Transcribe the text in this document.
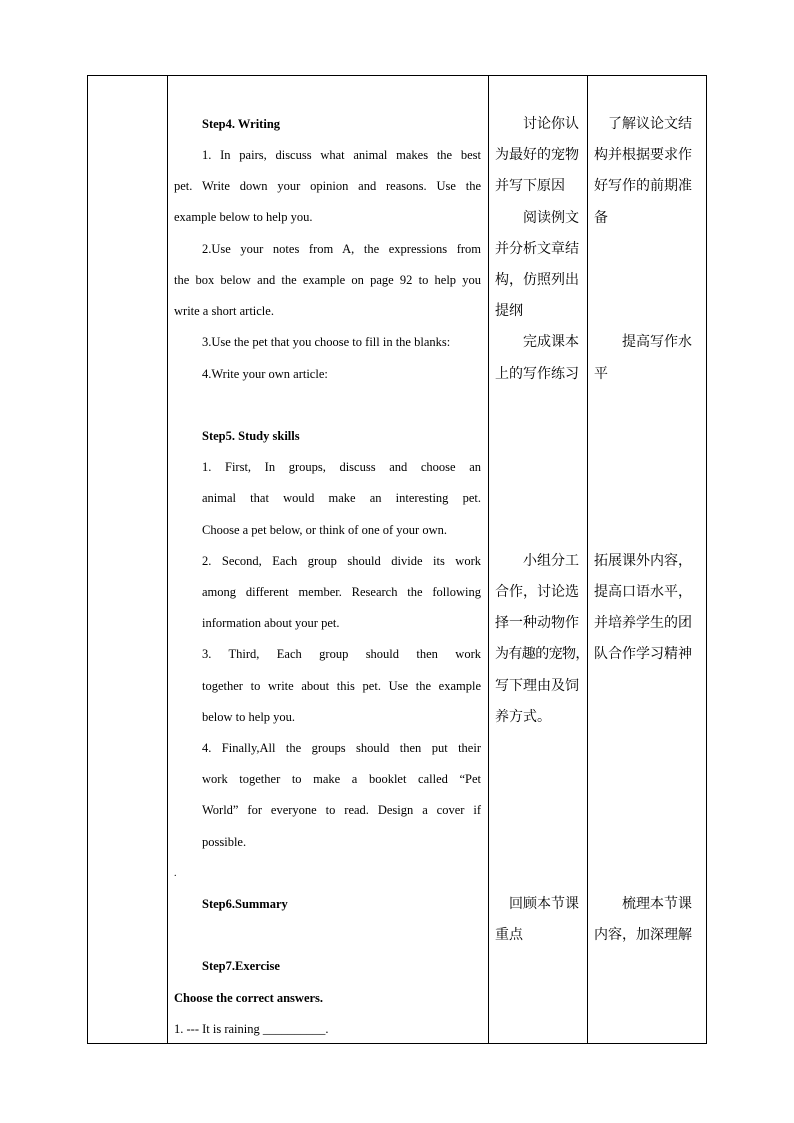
Step4. Writing
1. In pairs, discuss what animal makes the best
pet. Write down your opinion and reasons. Use the
example below to help you.
2.Use your notes from A, the expressions from
the box below and the example on page 92 to help you
write a short article.
3.Use the pet that you choose to fill in the blanks:
4.Write your own article:
Step5. Study skills
1. First, In groups, discuss and choose an
animal that would make an interesting pet.
Choose a pet below, or think of one of your own.
2. Second, Each group should divide its work
among different member. Research the following
information about your pet.
3. Third, Each group should then work
together to write about this pet. Use the example
below to help you.
4. Finally,All the groups should then put their
work together to make a booklet called “Pet
World” for everyone to read. Design a cover if
possible.
.
Step6.Summary
Step7.Exercise
Choose the correct answers.
1. --- It is raining __________.
讨论你认
为最好的宠物
并写下原因
阅读例文
并分析文章结
构，仿照列出
提纲
完成课本
上的写作练习
小组分工
合作，讨论选
择一种动物作
为有趣的宠物，
写下理由及饲
养方式。
回顾本节课
重点
了解议论文结
构并根据要求作
好写作的前期准
备
提高写作水
平
拓展课外内容，
提高口语水平，
并培养学生的团
队合作学习精神
梳理本节课
内容，加深理解
